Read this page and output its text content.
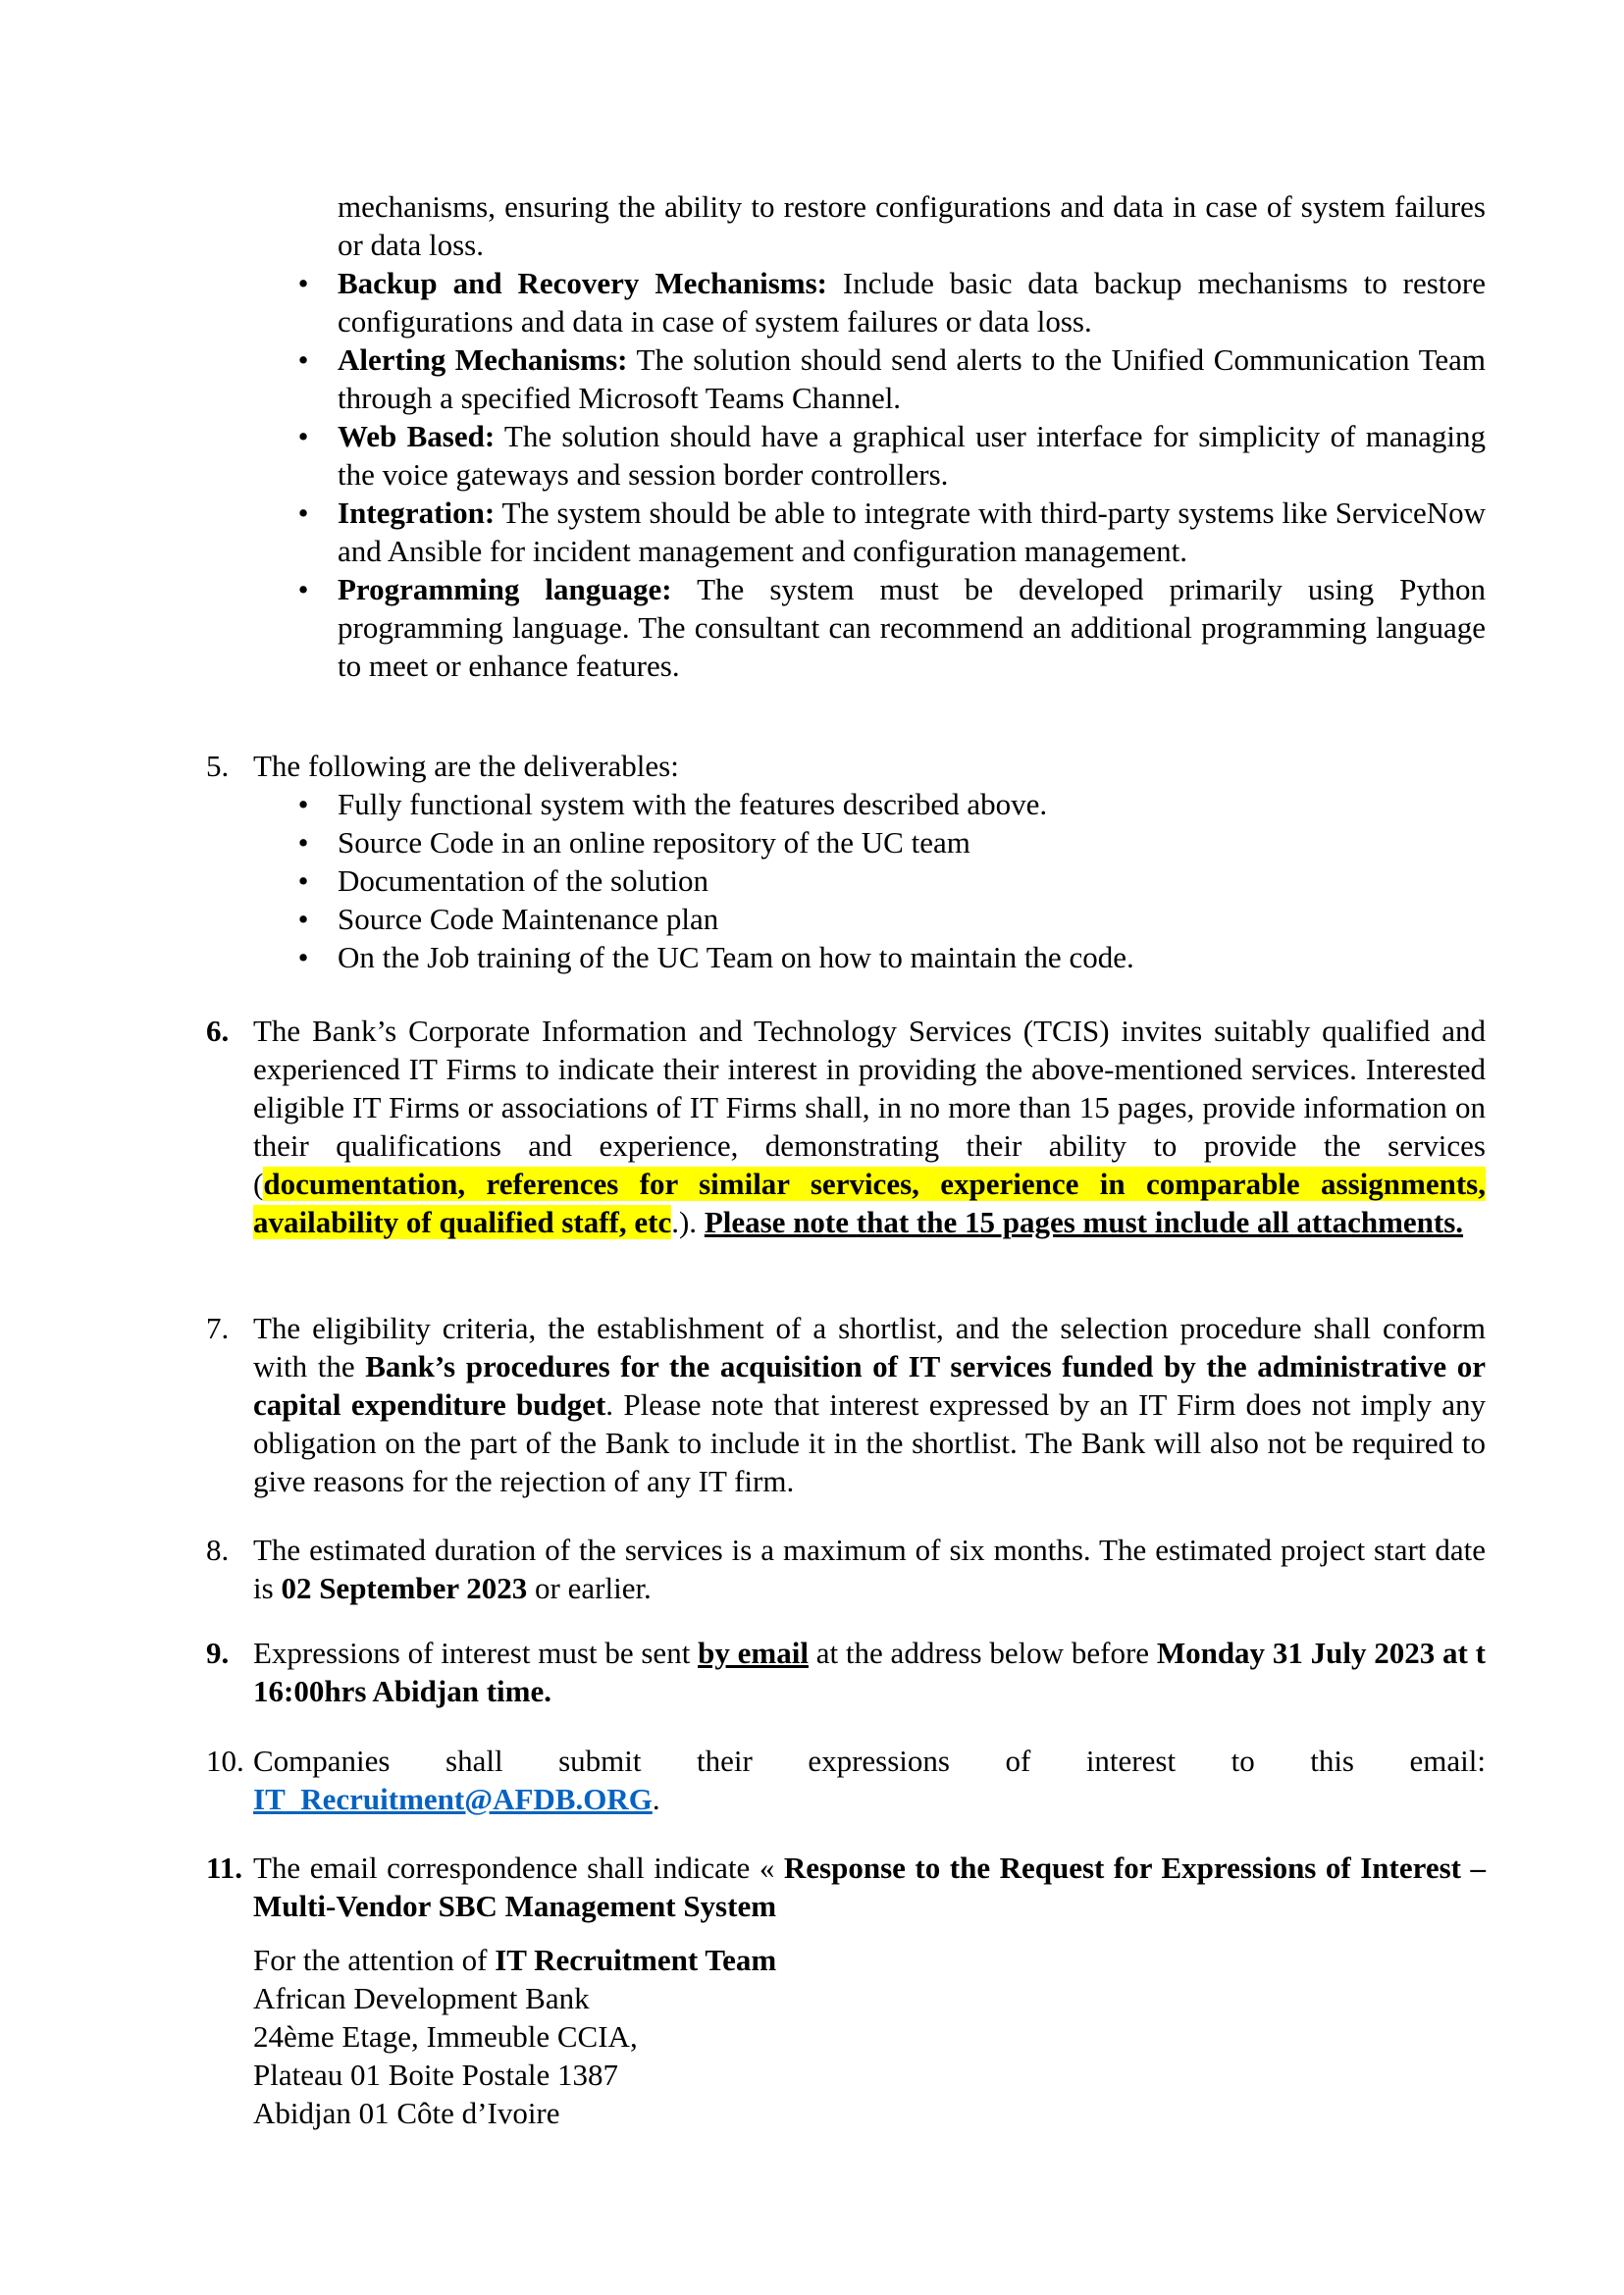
mechanisms, ensuring the ability to restore configurations and data in case of system failures or data loss.
• Backup and Recovery Mechanisms: Include basic data backup mechanisms to restore configurations and data in case of system failures or data loss.
• Alerting Mechanisms: The solution should send alerts to the Unified Communication Team through a specified Microsoft Teams Channel.
• Web Based: The solution should have a graphical user interface for simplicity of managing the voice gateways and session border controllers.
• Integration: The system should be able to integrate with third-party systems like ServiceNow and Ansible for incident management and configuration management.
• Programming language: The system must be developed primarily using Python programming language. The consultant can recommend an additional programming language to meet or enhance features.
5. The following are the deliverables:
• Fully functional system with the features described above.
• Source Code in an online repository of the UC team
• Documentation of the solution
• Source Code Maintenance plan
• On the Job training of the UC Team on how to maintain the code.
6. The Bank’s Corporate Information and Technology Services (TCIS) invites suitably qualified and experienced IT Firms to indicate their interest in providing the above-mentioned services. Interested eligible IT Firms or associations of IT Firms shall, in no more than 15 pages, provide information on their qualifications and experience, demonstrating their ability to provide the services (documentation, references for similar services, experience in comparable assignments, availability of qualified staff, etc.). Please note that the 15 pages must include all attachments.
7. The eligibility criteria, the establishment of a shortlist, and the selection procedure shall conform with the Bank’s procedures for the acquisition of IT services funded by the administrative or capital expenditure budget. Please note that interest expressed by an IT Firm does not imply any obligation on the part of the Bank to include it in the shortlist. The Bank will also not be required to give reasons for the rejection of any IT firm.
8. The estimated duration of the services is a maximum of six months. The estimated project start date is 02 September 2023 or earlier.
9. Expressions of interest must be sent by email at the address below before Monday 31 July 2023 at t 16:00hrs Abidjan time.
10. Companies shall submit their expressions of interest to this email:
IT_Recruitment@AFDB.ORG.
11. The email correspondence shall indicate « Response to the Request for Expressions of Interest – Multi-Vendor SBC Management System
For the attention of IT Recruitment Team
African Development Bank
24ème Etage, Immeuble CCIA,
Plateau 01 Boite Postale 1387
Abidjan 01 Côte d’Ivoire
